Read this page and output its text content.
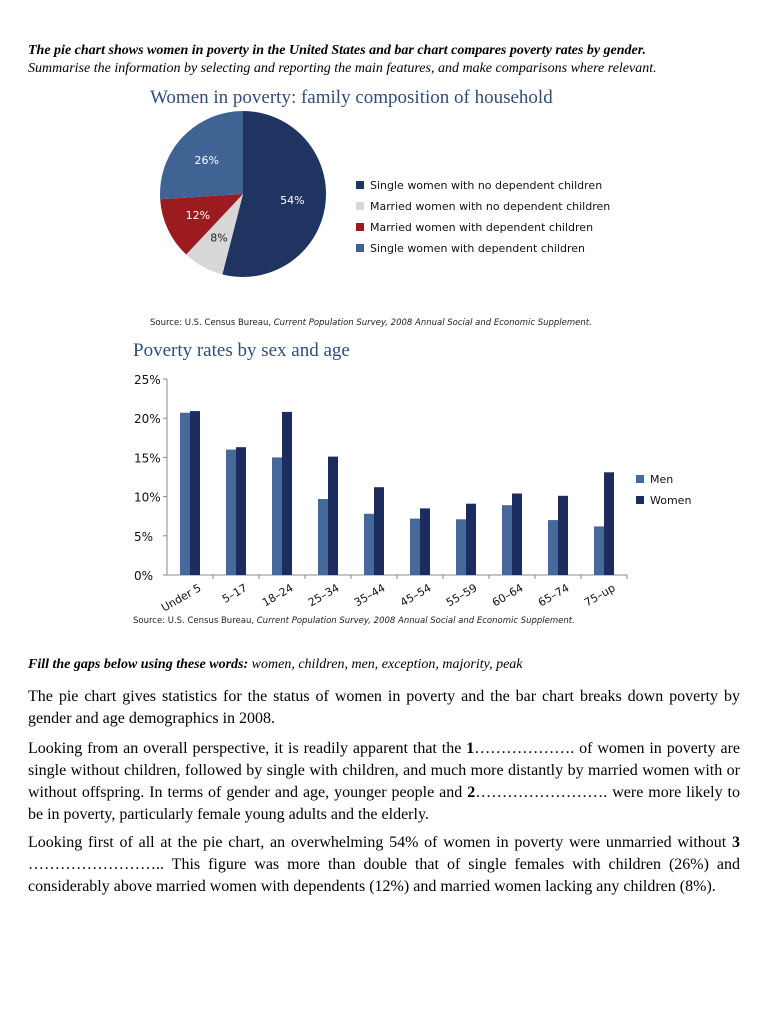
The pie chart shows women in poverty in the United States and bar chart compares poverty rates by gender.
Summarise the information by selecting and reporting the main features, and make comparisons where relevant.
Women in poverty: family composition of household
54%
8%
12%
26%
Single women with no dependent children
Married women with no dependent children
Married women with dependent children
Single women with dependent children
Source: U.S. Census Bureau, Current Population Survey, 2008 Annual Social and Economic Supplement.
Poverty rates by sex and age
0%
5%
10%
15%
20%
25%
Under 5 5–17 18–24 25–34 35–44 45–54 55–59 60–64 65–74 75–up
Men
Women
Source: U.S. Census Bureau, Current Population Survey, 2008 Annual Social and Economic Supplement.
Fill the gaps below using these words: women, children, men, exception, majority, peak
The pie chart gives statistics for the status of women in poverty and the bar chart breaks down poverty by gender and age demographics in 2008.
Looking from an overall perspective, it is readily apparent that the 1………………. of women in poverty are single without children, followed by single with children, and much more distantly by married women with or without offspring. In terms of gender and age, younger people and 2……………………. were more likely to be in poverty, particularly female young adults and the elderly.
Looking first of all at the pie chart, an overwhelming 54% of women in poverty were unmarried without 3 …………………….. This figure was more than double that of single females with children (26%) and considerably above married women with dependents (12%) and married women lacking any children (8%).
